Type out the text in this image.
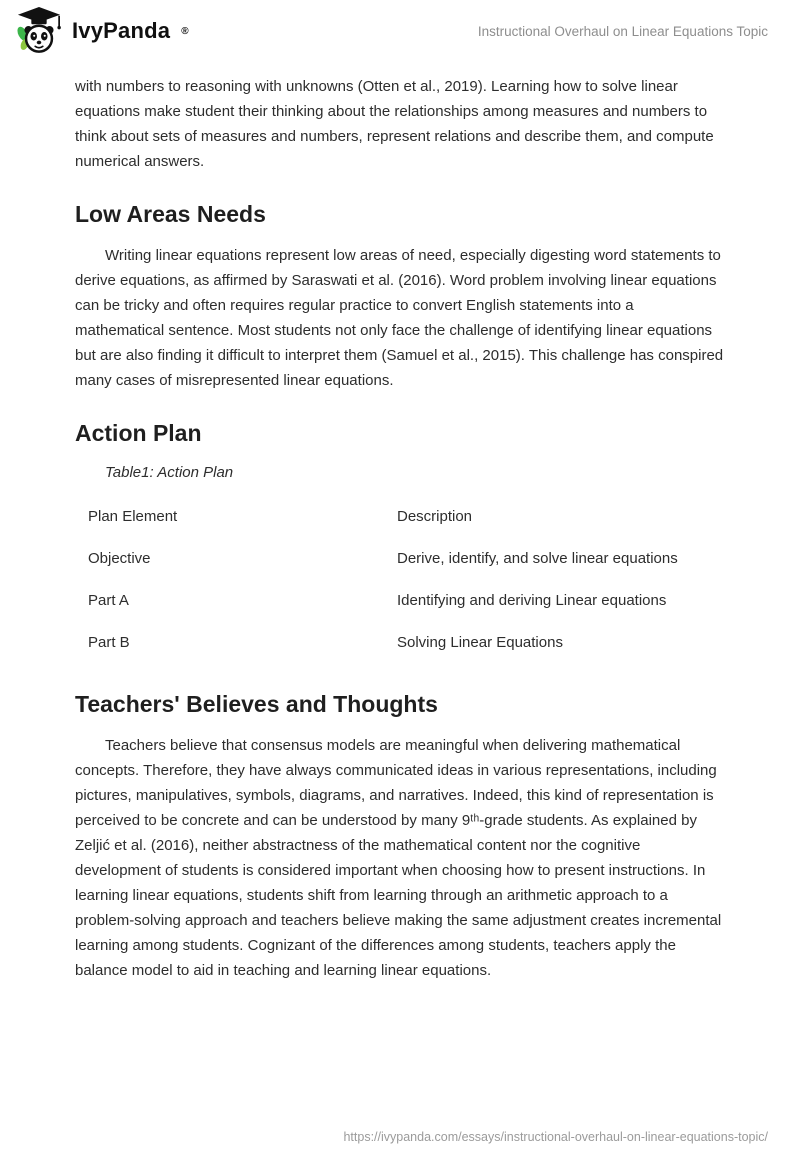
IvyPanda ®	Instructional Overhaul on Linear Equations Topic

with numbers to reasoning with unknowns (Otten et al., 2019). Learning how to solve linear equations make student their thinking about the relationships among measures and numbers to think about sets of measures and numbers, represent relations and describe them, and compute numerical answers.

Low Areas Needs

Writing linear equations represent low areas of need, especially digesting word statements to derive equations, as affirmed by Saraswati et al. (2016). Word problem involving linear equations can be tricky and often requires regular practice to convert English statements into a mathematical sentence. Most students not only face the challenge of identifying linear equations but are also finding it difficult to interpret them (Samuel et al., 2015). This challenge has conspired many cases of misrepresented linear equations.

Action Plan

Table1: Action Plan

Plan Element	Description
Objective	Derive, identify, and solve linear equations
Part A	Identifying and deriving Linear equations
Part B	Solving Linear Equations
Teachers' Believes and Thoughts

Teachers believe that consensus models are meaningful when delivering mathematical concepts. Therefore, they have always communicated ideas in various representations, including pictures, manipulatives, symbols, diagrams, and narratives. Indeed, this kind of representation is perceived to be concrete and can be understood by many 9ᵗʰ-grade students. As explained by Zeljić et al. (2016), neither abstractness of the mathematical content nor the cognitive development of students is considered important when choosing how to present instructions. In learning linear equations, students shift from learning through an arithmetic approach to a problem-solving approach and teachers believe making the same adjustment creates incremental learning among students. Cognizant of the differences among students, teachers apply the balance model to aid in teaching and learning linear equations.

https://ivypanda.com/essays/instructional-overhaul-on-linear-equations-topic/
